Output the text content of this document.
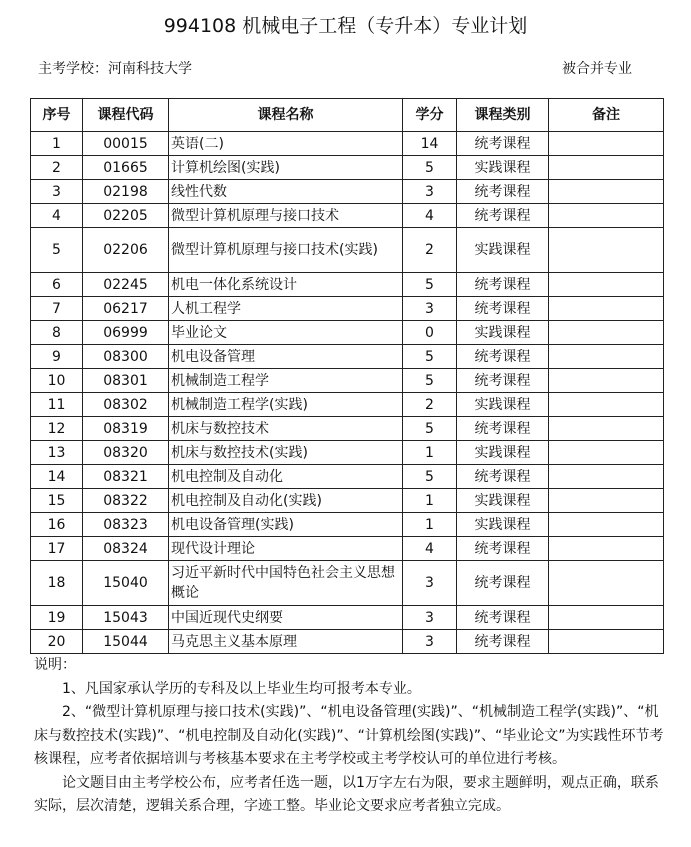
994108 机械电子工程（专升本）专业计划
主考学校：河南科技大学	被合并专业
序号	课程代码	课程名称	学分	课程类别	备注
1	00015	英语(二)	14	统考课程	
2	01665	计算机绘图(实践)	5	实践课程	
3	02198	线性代数	3	统考课程	
4	02205	微型计算机原理与接口技术	4	统考课程	
5	02206	微型计算机原理与接口技术(实践)	2	实践课程	
6	02245	机电一体化系统设计	5	统考课程	
7	06217	人机工程学	3	统考课程	
8	06999	毕业论文	0	实践课程	
9	08300	机电设备管理	5	统考课程	
10	08301	机械制造工程学	5	统考课程	
11	08302	机械制造工程学(实践)	2	实践课程	
12	08319	机床与数控技术	5	统考课程	
13	08320	机床与数控技术(实践)	1	实践课程	
14	08321	机电控制及自动化	5	统考课程	
15	08322	机电控制及自动化(实践)	1	实践课程	
16	08323	机电设备管理(实践)	1	实践课程	
17	08324	现代设计理论	4	统考课程	
18	15040	习近平新时代中国特色社会主义思想概论	3	统考课程	
19	15043	中国近现代史纲要	3	统考课程	
20	15044	马克思主义基本原理	3	统考课程	

说明：

1、凡国家承认学历的专科及以上毕业生均可报考本专业。

2、“微型计算机原理与接口技术(实践)”、“机电设备管理(实践)”、“机械制造工程学(实践)”、“机床与数控技术(实践)”、“机电控制及自动化(实践)”、“计算机绘图(实践)”、“毕业论文”为实践性环节考核课程，应考者依据培训与考核基本要求在主考学校或主考学校认可的单位进行考核。

论文题目由主考学校公布，应考者任选一题，以1万字左右为限，要求主题鲜明，观点正确，联系实际，层次清楚，逻辑关系合理，字迹工整。毕业论文要求应考者独立完成。
